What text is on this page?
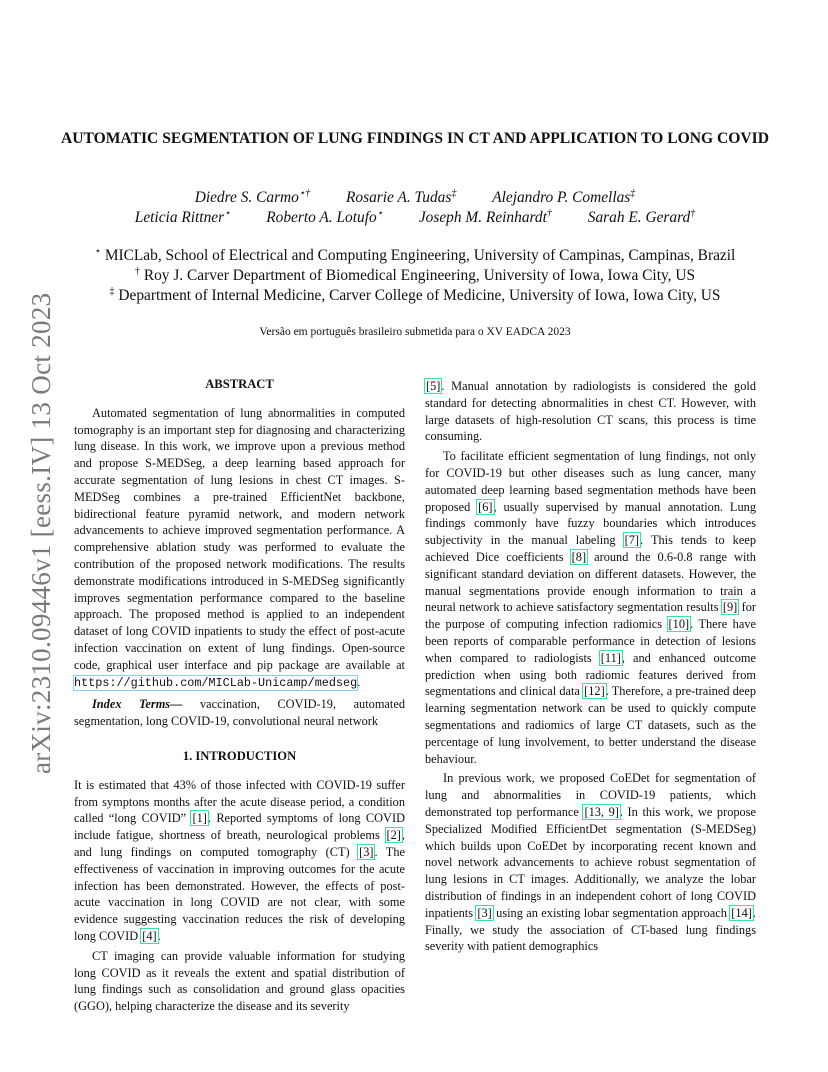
arXiv:2310.09446v1 [eess.IV] 13 Oct 2023
AUTOMATIC SEGMENTATION OF LUNG FINDINGS IN CT AND APPLICATION TO LONG COVID
Diedre S. Carmo⋆† Rosarie A. Tudas‡ Alejandro P. Comellas‡
Leticia Rittner⋆ Roberto A. Lotufo⋆ Joseph M. Reinhardt† Sarah E. Gerard†
⋆ MICLab, School of Electrical and Computing Engineering, University of Campinas, Campinas, Brazil
† Roy J. Carver Department of Biomedical Engineering, University of Iowa, Iowa City, US
‡ Department of Internal Medicine, Carver College of Medicine, University of Iowa, Iowa City, US
Versão em português brasileiro submetida para o XV EADCA 2023
ABSTRACT

Automated segmentation of lung abnormalities in computed tomography is an important step for diagnosing and characterizing lung disease. In this work, we improve upon a previous method and propose S-MEDSeg, a deep learning based approach for accurate segmentation of lung lesions in chest CT images. S-MEDSeg combines a pre-trained EfficientNet backbone, bidirectional feature pyramid network, and modern network advancements to achieve improved segmentation performance. A comprehensive ablation study was performed to evaluate the contribution of the proposed network modifications. The results demonstrate modifications introduced in S-MEDSeg significantly improves segmentation performance compared to the baseline approach. The proposed method is applied to an independent dataset of long COVID inpatients to study the effect of post-acute infection vaccination on extent of lung findings. Open-source code, graphical user interface and pip package are available at https://github.com/MICLab-Unicamp/medseg.

Index Terms— vaccination, COVID-19, automated segmentation, long COVID-19, convolutional neural network

1. INTRODUCTION

It is estimated that 43% of those infected with COVID-19 suffer from symptons months after the acute disease period, a condition called “long COVID” [1]. Reported symptoms of long COVID include fatigue, shortness of breath, neurological problems [2], and lung findings on computed tomography (CT) [3]. The effectiveness of vaccination in improving outcomes for the acute infection has been demonstrated. However, the effects of post-acute vaccination in long COVID are not clear, with some evidence suggesting vaccination reduces the risk of developing long COVID [4].

CT imaging can provide valuable information for studying long COVID as it reveals the extent and spatial distribution of lung findings such as consolidation and ground glass opacities (GGO), helping characterize the disease and its severity

[5]. Manual annotation by radiologists is considered the gold standard for detecting abnormalities in chest CT. However, with large datasets of high-resolution CT scans, this process is time consuming.

To facilitate efficient segmentation of lung findings, not only for COVID-19 but other diseases such as lung cancer, many automated deep learning based segmentation methods have been proposed [6], usually supervised by manual annotation. Lung findings commonly have fuzzy boundaries which introduces subjectivity in the manual labeling [7]. This tends to keep achieved Dice coefficients [8] around the 0.6-0.8 range with significant standard deviation on different datasets. However, the manual segmentations provide enough information to train a neural network to achieve satisfactory segmentation results [9] for the purpose of computing infection radiomics [10]. There have been reports of comparable performance in detection of lesions when compared to radiologists [11], and enhanced outcome prediction when using both radiomic features derived from segmentations and clinical data [12]. Therefore, a pre-trained deep learning segmentation network can be used to quickly compute segmentations and radiomics of large CT datasets, such as the percentage of lung involvement, to better understand the disease behaviour.

In previous work, we proposed CoEDet for segmentation of lung and abnormalities in COVID-19 patients, which demonstrated top performance [13, 9]. In this work, we propose Specialized Modified EfficientDet segmentation (S-MEDSeg) which builds upon CoEDet by incorporating recent known and novel network advancements to achieve robust segmentation of lung lesions in CT images. Additionally, we analyze the lobar distribution of findings in an independent cohort of long COVID inpatients [3] using an existing lobar segmentation approach [14]. Finally, we study the association of CT-based lung findings severity with patient demographics
